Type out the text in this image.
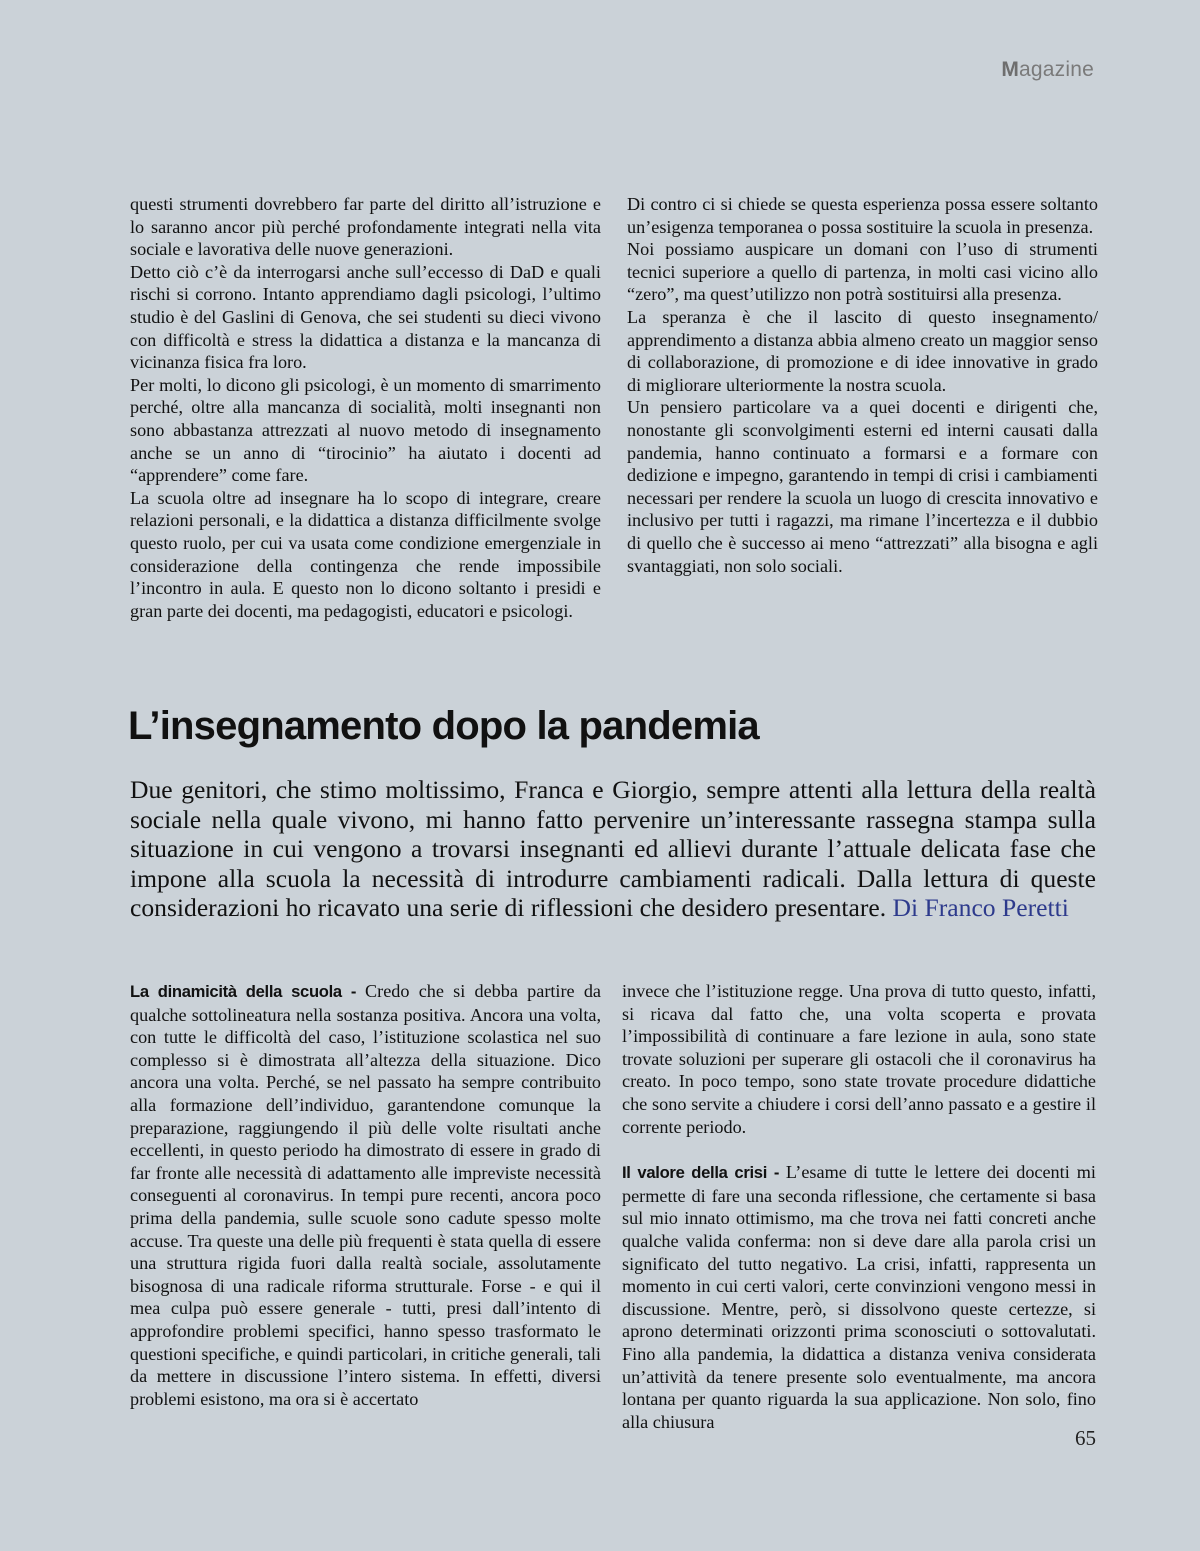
Magazine

questi strumenti dovrebbero far parte del diritto all’istruzione e lo saranno ancor più perché profondamente integrati nella vita sociale e lavorativa delle nuove generazioni.

Detto ciò c’è da interrogarsi anche sull’eccesso di DaD e quali rischi si corrono. Intanto apprendiamo dagli psicologi, l’ultimo studio è del Gaslini di Genova, che sei studenti su dieci vivono con difficoltà e stress la didattica a distanza e la mancanza di vicinanza fisica fra loro.

Per molti, lo dicono gli psicologi, è un momento di smarrimento perché, oltre alla mancanza di socialità, molti insegnanti non sono abbastanza attrezzati al nuovo metodo di insegnamento anche se un anno di “tirocinio” ha aiutato i docenti ad “apprendere” come fare.

La scuola oltre ad insegnare ha lo scopo di integrare, creare relazioni personali, e la didattica a distanza difficilmente svolge questo ruolo, per cui va usata come condizione emergenziale in considerazione della contingenza che rende impossibile l’incontro in aula. E questo non lo dicono soltanto i presidi e gran parte dei docenti, ma pedagogisti, educatori e psicologi.

Di contro ci si chiede se questa esperienza possa essere soltanto un’esigenza temporanea o possa sostituire la scuola in presenza.

Noi possiamo auspicare un domani con l’uso di strumenti tecnici superiore a quello di partenza, in molti casi vicino allo “zero”, ma quest’utilizzo non potrà sostituirsi alla presenza.

La speranza è che il lascito di questo insegnamento/ apprendimento a distanza abbia almeno creato un maggior senso di collaborazione, di promozione e di idee innovative in grado di migliorare ulteriormente la nostra scuola.

Un pensiero particolare va a quei docenti e dirigenti che, nonostante gli sconvolgimenti esterni ed interni causati dalla pandemia, hanno continuato a formarsi e a formare con dedizione e impegno, garantendo in tempi di crisi i cambiamenti necessari per rendere la scuola un luogo di crescita innovativo e inclusivo per tutti i ragazzi, ma rimane l’incertezza e il dubbio di quello che è successo ai meno “attrezzati” alla bisogna e agli svantaggiati, non solo sociali.

L’insegnamento dopo la pandemia

Due genitori, che stimo moltissimo, Franca e Giorgio, sempre attenti alla lettura della realtà sociale nella quale vivono, mi hanno fatto pervenire un’interessante rassegna stampa sulla situazione in cui vengono a trovarsi insegnanti ed allievi durante l’attuale delicata fase che impone alla scuola la necessità di introdurre cambiamenti radicali. Dalla lettura di queste considerazioni ho ricavato una serie di riflessioni che desidero presentare. Di Franco Peretti

La dinamicità della scuola - Credo che si debba partire da qualche sottolineatura nella sostanza positiva. Ancora una volta, con tutte le difficoltà del caso, l’istituzione scolastica nel suo complesso si è dimostrata all’altezza della situazione. Dico ancora una volta. Perché, se nel passato ha sempre contribuito alla formazione dell’individuo, garantendone comunque la preparazione, raggiungendo il più delle volte risultati anche eccellenti, in questo periodo ha dimostrato di essere in grado di far fronte alle necessità di adattamento alle impreviste necessità conseguenti al coronavirus. In tempi pure recenti, ancora poco prima della pandemia, sulle scuole sono cadute spesso molte accuse. Tra queste una delle più frequenti è stata quella di essere una struttura rigida fuori dalla realtà sociale, assolutamente bisognosa di una radicale riforma strutturale. Forse - e qui il mea culpa può essere generale - tutti, presi dall’intento di approfondire problemi specifici, hanno spesso trasformato le questioni specifiche, e quindi particolari, in critiche generali, tali da mettere in discussione l’intero sistema. In effetti, diversi problemi esistono, ma ora si è accertato

invece che l’istituzione regge. Una prova di tutto questo, infatti, si ricava dal fatto che, una volta scoperta e provata l’impossibilità di continuare a fare lezione in aula, sono state trovate soluzioni per superare gli ostacoli che il coronavirus ha creato. In poco tempo, sono state trovate procedure didattiche che sono servite a chiudere i corsi dell’anno passato e a gestire il corrente periodo.

Il valore della crisi - L’esame di tutte le lettere dei docenti mi permette di fare una seconda riflessione, che certamente si basa sul mio innato ottimismo, ma che trova nei fatti concreti anche qualche valida conferma: non si deve dare alla parola crisi un significato del tutto negativo. La crisi, infatti, rappresenta un momento in cui certi valori, certe convinzioni vengono messi in discussione. Mentre, però, si dissolvono queste certezze, si aprono determinati orizzonti prima sconosciuti o sottovalutati. Fino alla pandemia, la didattica a distanza veniva considerata un’attività da tenere presente solo eventualmente, ma ancora lontana per quanto riguarda la sua applicazione. Non solo, fino alla chiusura

65
